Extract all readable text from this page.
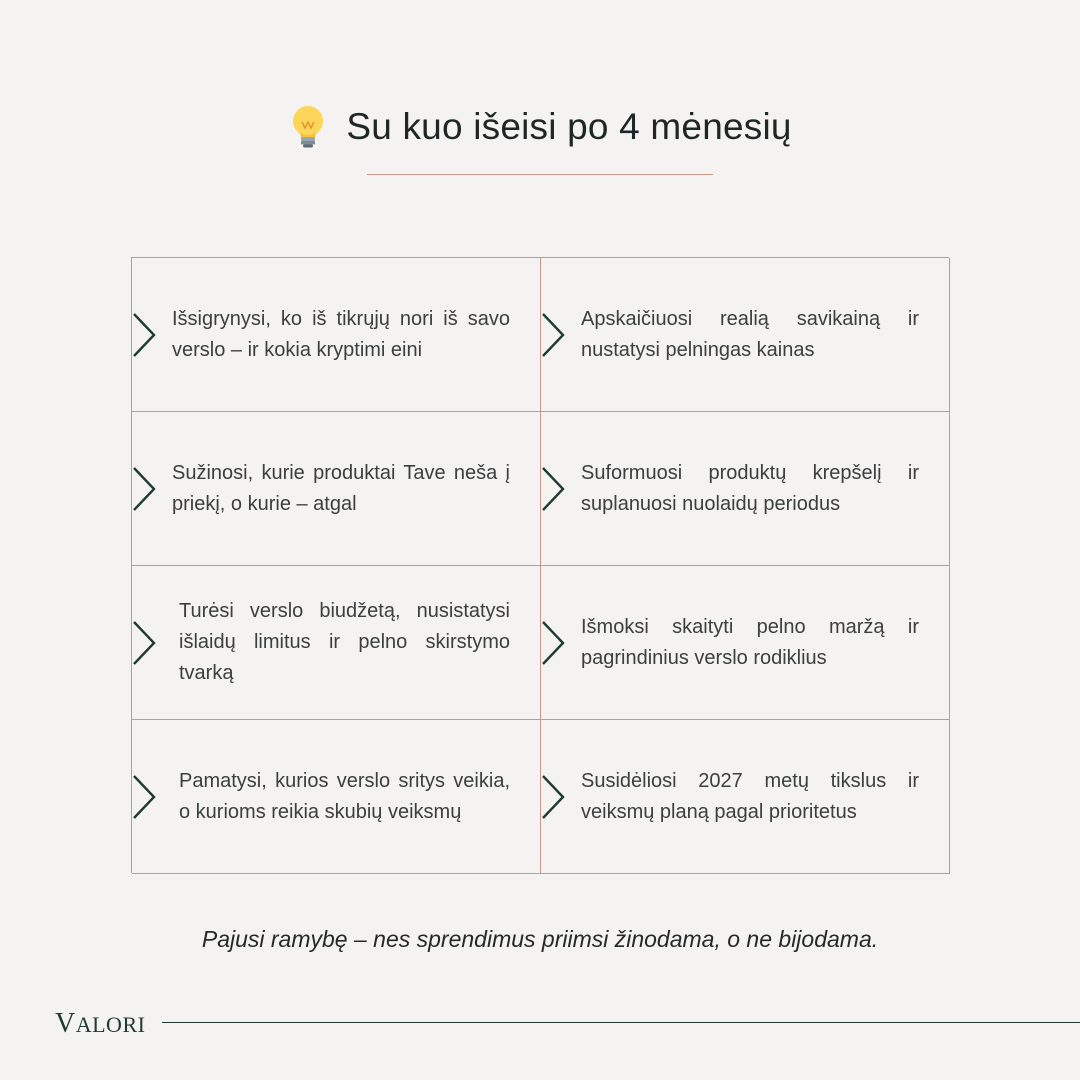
Su kuo išeisi po 4 mėnesių
Išsigrynysi, ko iš tikrųjų nori iš savo verslo – ir kokia kryptimi eini
Apskaičiuosi realią savikainą ir nustatysi pelningas kainas
Sužinosi, kurie produktai Tave neša į priekį, o kurie – atgal
Suformuosi produktų krepšelį ir suplanuosi nuolaidų periodus
Turėsi verslo biudžetą, nusistatysi išlaidų limitus ir pelno skirstymo tvarką
Išmoksi skaityti pelno maržą ir pagrindinius verslo rodiklius
Pamatysi, kurios verslo sritys veikia, o kurioms reikia skubių veiksmų
Susidėliosi 2027 metų tikslus ir veiksmų planą pagal prioritetus
Pajusi ramybę – nes sprendimus priimsi žinodama, o ne bijodama.
VALORI
